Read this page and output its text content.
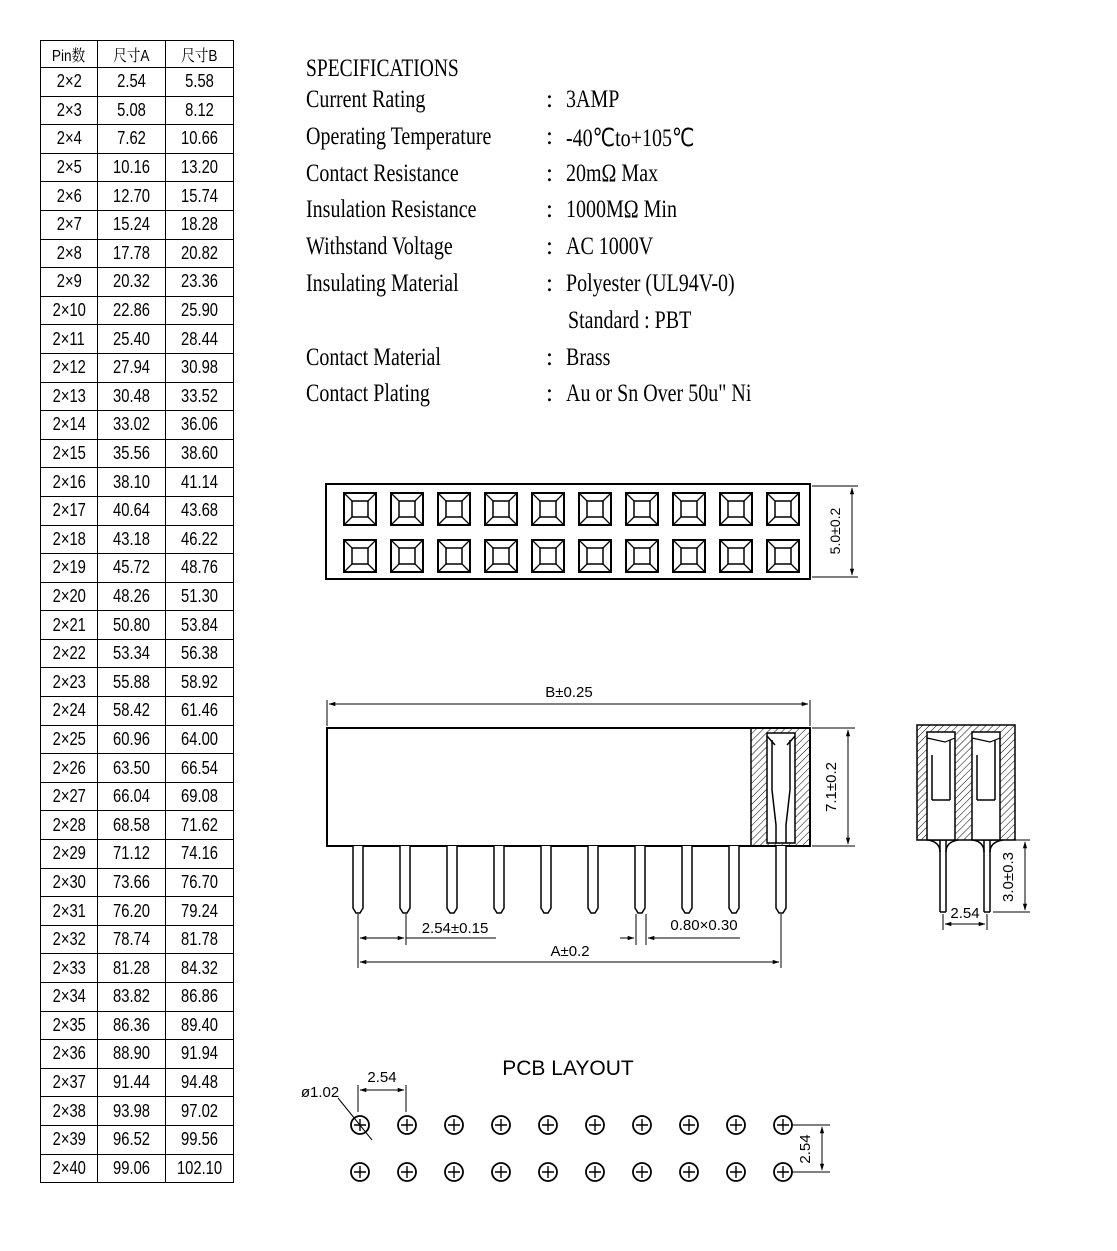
Pin数	尺寸A	尺寸B
2×2	2.54	5.58
2×3	5.08	8.12
2×4	7.62	10.66
2×5	10.16	13.20
2×6	12.70	15.74
2×7	15.24	18.28
2×8	17.78	20.82
2×9	20.32	23.36
2×10	22.86	25.90
2×11	25.40	28.44
2×12	27.94	30.98
2×13	30.48	33.52
2×14	33.02	36.06
2×15	35.56	38.60
2×16	38.10	41.14
2×17	40.64	43.68
2×18	43.18	46.22
2×19	45.72	48.76
2×20	48.26	51.30
2×21	50.80	53.84
2×22	53.34	56.38
2×23	55.88	58.92
2×24	58.42	61.46
2×25	60.96	64.00
2×26	63.50	66.54
2×27	66.04	69.08
2×28	68.58	71.62
2×29	71.12	74.16
2×30	73.66	76.70
2×31	76.20	79.24
2×32	78.74	81.78
2×33	81.28	84.32
2×34	83.82	86.86
2×35	86.36	89.40
2×36	88.90	91.94
2×37	91.44	94.48
2×38	93.98	97.02
2×39	96.52	99.56
2×40	99.06	102.10
SPECIFICATIONS
Current Rating	: 3AMP
Operating Temperature : -40℃to+105℃
Contact Resistance	: 20mΩ Max
Insulation Resistance	: 1000MΩ Min
Withstand Voltage	: AC 1000V
Insulating Material	: Polyester (UL94V-0)
Standard : PBT
Contact Material	: Brass
Contact Plating	: Au or Sn Over 50u" Ni
5.0±0.2
B±0.25
7.1±0.2
2.54±0.15	0.80×0.30
A±0.2
2.54
3.0±0.3
PCB LAYOUT
2.54
2.54
ø1.02
